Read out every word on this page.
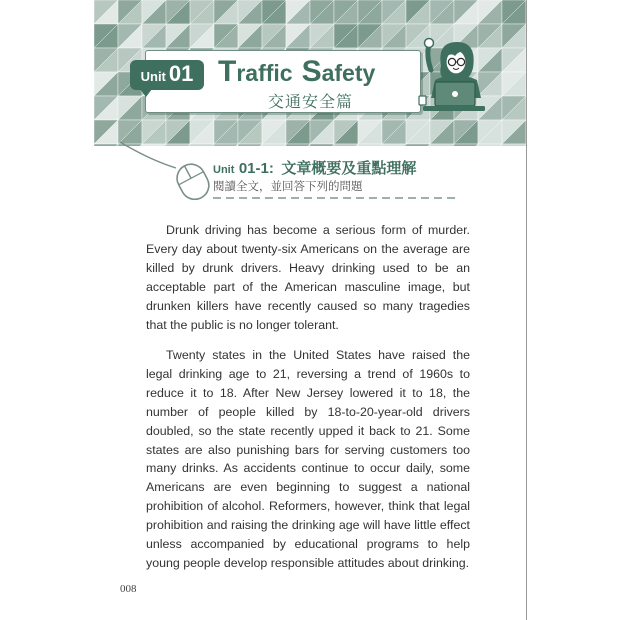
Unit 01 Traffic Safety
交通安全篇
Unit 01-1: 文章概要及重點理解
閱讀全文，並回答下列的問題

Drunk driving has become a serious form of murder. Every day about twenty-six Americans on the average are killed by drunk drivers. Heavy drinking used to be an acceptable part of the American masculine image, but drunken killers have recently caused so many tragedies that the public is no longer tolerant.

Twenty states in the United States have raised the legal drinking age to 21, reversing a trend of 1960s to reduce it to 18. After New Jersey lowered it to 18, the number of people killed by 18-to-20-year-old drivers doubled, so the state recently upped it back to 21. Some states are also punishing bars for serving customers too many drinks. As accidents continue to occur daily, some Americans are even beginning to suggest a national prohibition of alcohol. Reformers, however, think that legal prohibition and raising the drinking age will have little effect unless accompanied by educational programs to help young people develop responsible attitudes about drinking.

008
